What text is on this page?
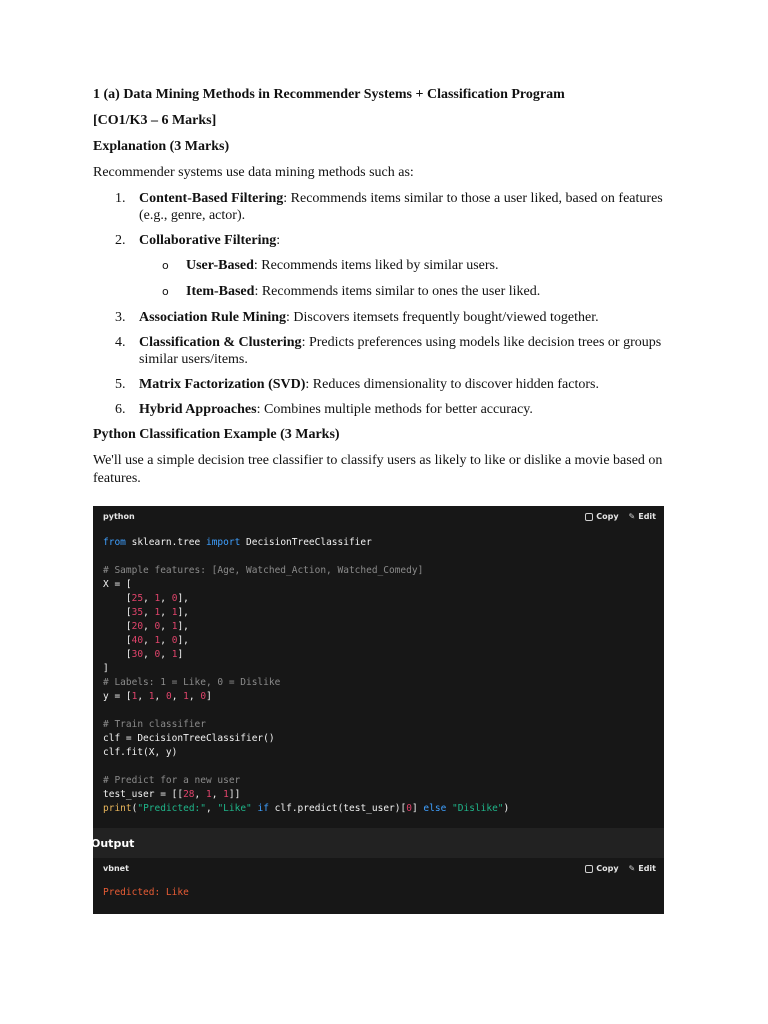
1 (a) Data Mining Methods in Recommender Systems + Classification Program

[CO1/K3 – 6 Marks]

Explanation (3 Marks)

Recommender systems use data mining methods such as:

1. Content-Based Filtering: Recommends items similar to those a user liked, based on features (e.g., genre, actor).
2. Collaborative Filtering:
o User-Based: Recommends items liked by similar users.
o Item-Based: Recommends items similar to ones the user liked.
3. Association Rule Mining: Discovers itemsets frequently bought/viewed together.
4. Classification & Clustering: Predicts preferences using models like decision trees or groups similar users/items.
5. Matrix Factorization (SVD): Reduces dimensionality to discover hidden factors.
6. Hybrid Approaches: Combines multiple methods for better accuracy.

Python Classification Example (3 Marks)

We'll use a simple decision tree classifier to classify users as likely to like or dislike a movie based on features.

python	Copy ✎ Edit
from sklearn.tree import DecisionTreeClassifier

# Sample features: [Age, Watched_Action, Watched_Comedy]
X = [
[25, 1, 0],
[35, 1, 1],
[20, 0, 1],
[40, 1, 0],
[30, 0, 1]
]
# Labels: 1 = Like, 0 = Dislike
y = [1, 1, 0, 1, 0]

# Train classifier
clf = DecisionTreeClassifier()
clf.fit(X, y)

# Predict for a new user
test_user = [[28, 1, 1]]
print("Predicted:", "Like" if clf.predict(test_user)[0] else "Dislike")
Output
vbnet	Copy ✎ Edit
Predicted: Like
